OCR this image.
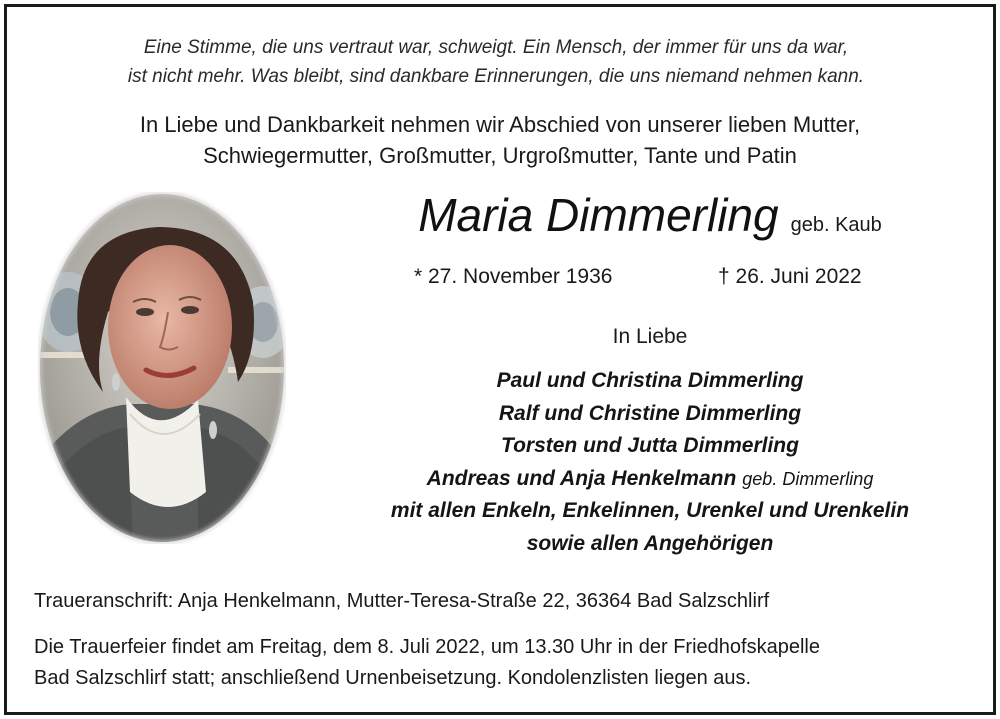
Eine Stimme, die uns vertraut war, schweigt. Ein Mensch, der immer für uns da war,
ist nicht mehr. Was bleibt, sind dankbare Erinnerungen, die uns niemand nehmen kann.
In Liebe und Dankbarkeit nehmen wir Abschied von unserer lieben Mutter,
Schwiegermutter, Großmutter, Urgroßmutter, Tante und Patin
Maria Dimmerling geb. Kaub
* 27. November 1936	† 26. Juni 2022
In Liebe
Paul und Christina Dimmerling
Ralf und Christine Dimmerling
Torsten und Jutta Dimmerling
Andreas und Anja Henkelmann geb. Dimmerling
mit allen Enkeln, Enkelinnen, Urenkel und Urenkelin
sowie allen Angehörigen
Traueranschrift: Anja Henkelmann, Mutter-Teresa-Straße 22, 36364 Bad Salzschlirf
Die Trauerfeier findet am Freitag, dem 8. Juli 2022, um 13.30 Uhr in der Friedhofskapelle
Bad Salzschlirf statt; anschließend Urnenbeisetzung. Kondolenzlisten liegen aus.
